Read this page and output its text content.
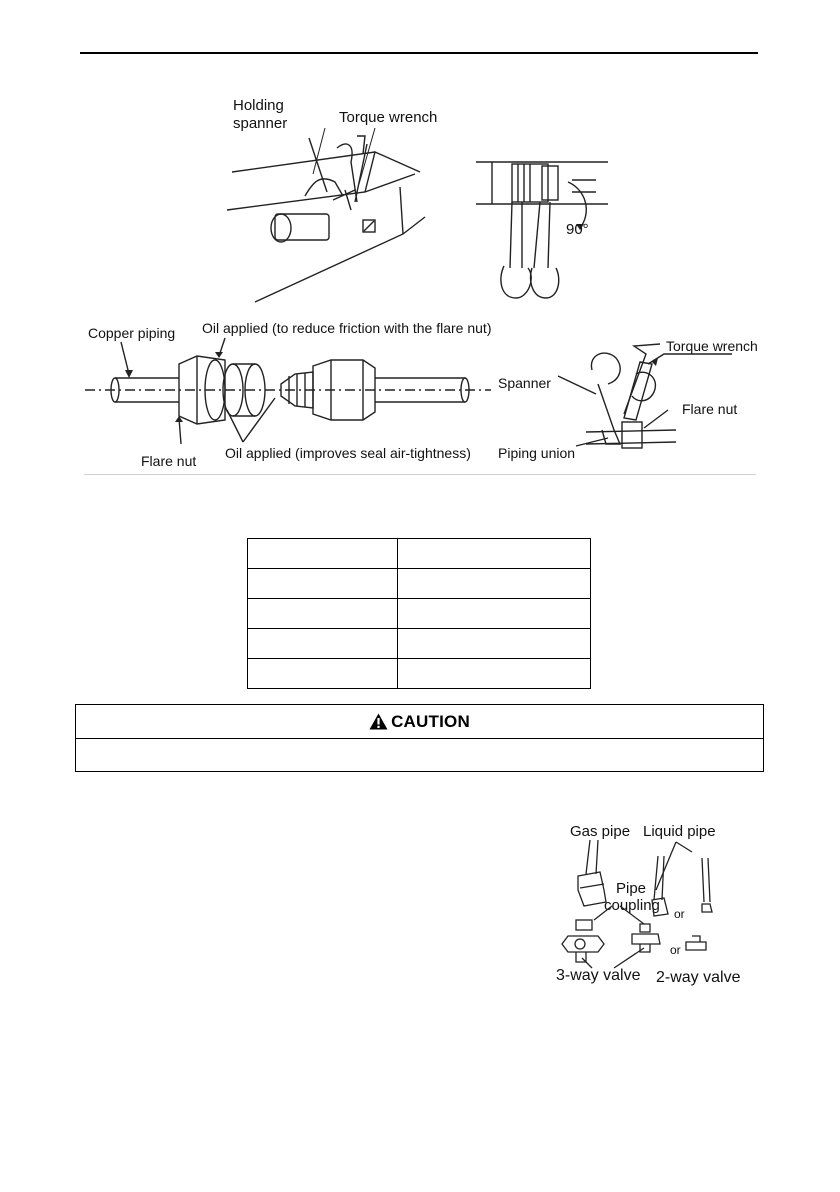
Holding
spanner	Torque wrench
90°
Copper piping Oil applied (to reduce friction with the flare nut)
Flare nut Oil applied (improves seal air-tightness)
Torque wrench
Spanner
Flare nut
Piping union

CAUTION
Gas pipe Liquid pipe
Pipe
coupling or
or
3-way valve 2-way valve
